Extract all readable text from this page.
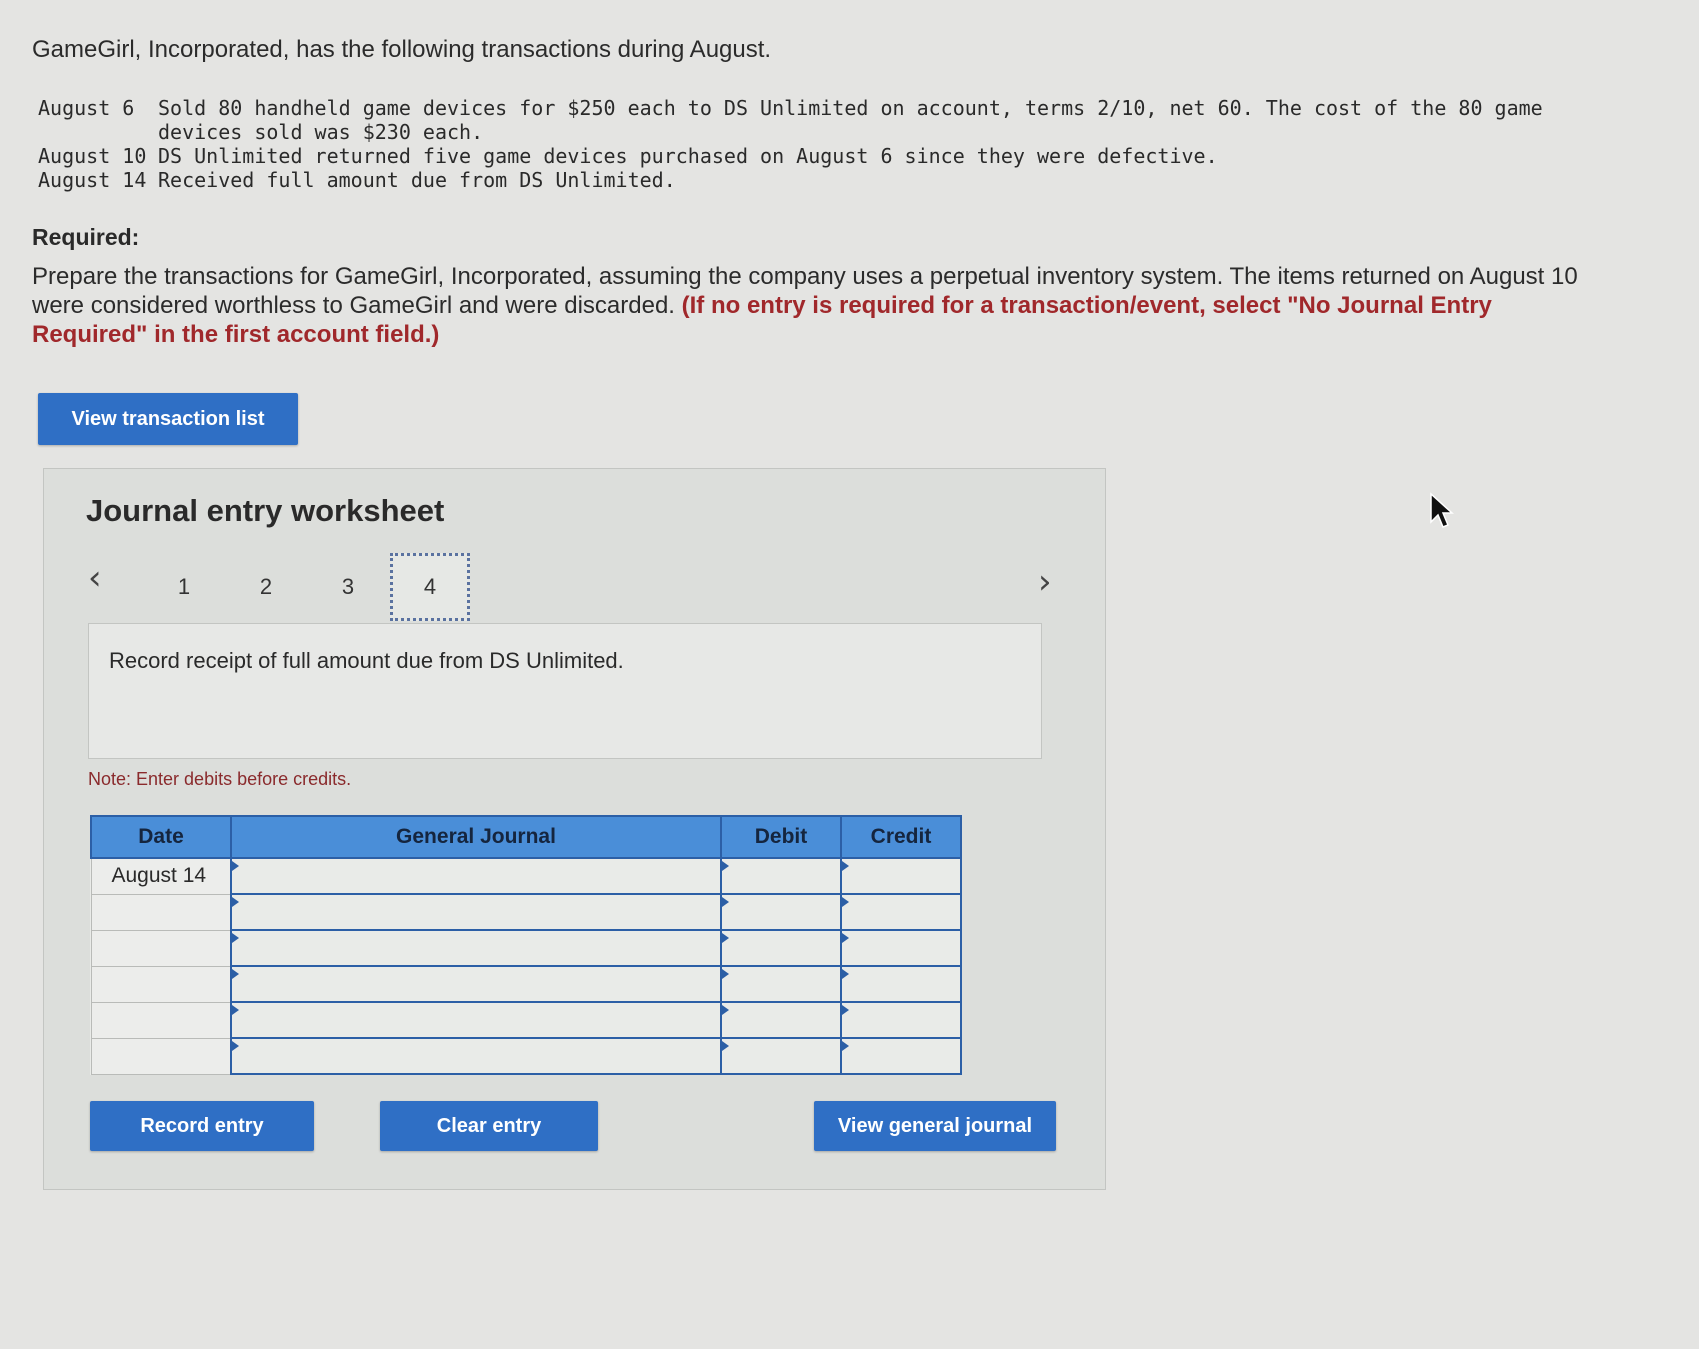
GameGirl, Incorporated, has the following transactions during August.
August 6	Sold 80 handheld game devices for $250 each to DS Unlimited on account, terms 2/10, net 60. The cost of the 80 game devices sold was $230 each.
August 10 DS Unlimited returned five game devices purchased on August 6 since they were defective.
August 14 Received full amount due from DS Unlimited.
Required:
Prepare the transactions for GameGirl, Incorporated, assuming the company uses a perpetual inventory system. The items returned on August 10 were considered worthless to GameGirl and were discarded. (If no entry is required for a transaction/event, select "No Journal Entry Required" in the first account field.)
View transaction list
Journal entry worksheet
‹	1	2	3	4	›
Record receipt of full amount due from DS Unlimited.
Note: Enter debits before credits.
Date	General Journal	Debit	Credit
August 14			

Record entry	Clear entry	View general journal
